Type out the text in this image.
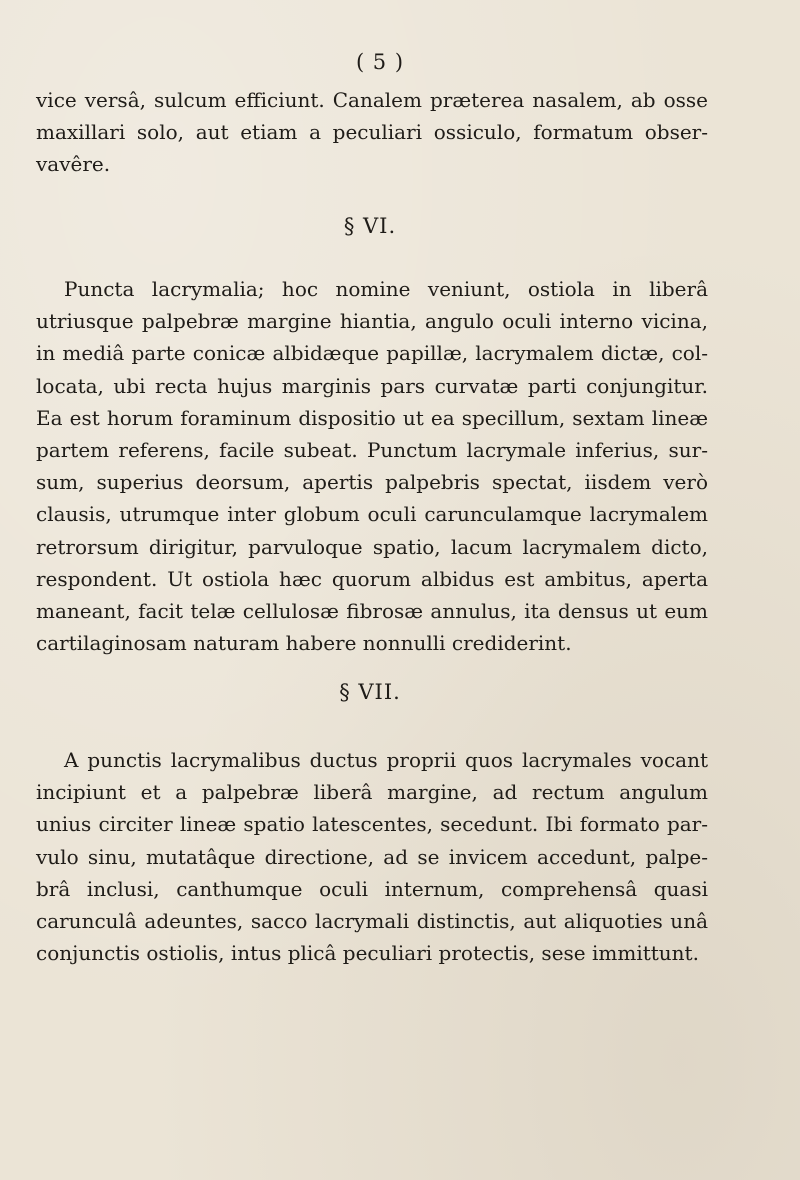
( 5 )

vice versâ, sulcum efficiunt. Canalem præterea nasalem, ab osse
maxillari solo, aut etiam a peculiari ossiculo, formatum obser-
vavêre.

§ VI.

Puncta lacrymalia; hoc nomine veniunt, ostiola in liberâ
utriusque palpebræ margine hiantia, angulo oculi interno vicina,
in mediâ parte conicæ albidæque papillæ, lacrymalem dictæ, col-
locata, ubi recta hujus marginis pars curvatæ parti conjungitur.
Ea est horum foraminum dispositio ut ea specillum, sextam lineæ
partem referens, facile subeat. Punctum lacrymale inferius, sur-
sum, superius deorsum, apertis palpebris spectat, iisdem verò
clausis, utrumque inter globum oculi carunculamque lacrymalem
retrorsum dirigitur, parvuloque spatio, lacum lacrymalem dicto,
respondent. Ut ostiola hæc quorum albidus est ambitus, aperta
maneant, facit telæ cellulosæ fibrosæ annulus, ita densus ut eum
cartilaginosam naturam habere nonnulli crediderint.

§ VII.

A punctis lacrymalibus ductus proprii quos lacrymales vocant
incipiunt et a palpebræ liberâ margine, ad rectum angulum
unius circiter lineæ spatio latescentes, secedunt. Ibi formato par-
vulo sinu, mutatâque directione, ad se invicem accedunt, palpe-
brâ inclusi, canthumque oculi internum, comprehensâ quasi
carunculâ adeuntes, sacco lacrymali distinctis, aut aliquoties unâ
conjunctis ostiolis, intus plicâ peculiari protectis, sese immittunt.
